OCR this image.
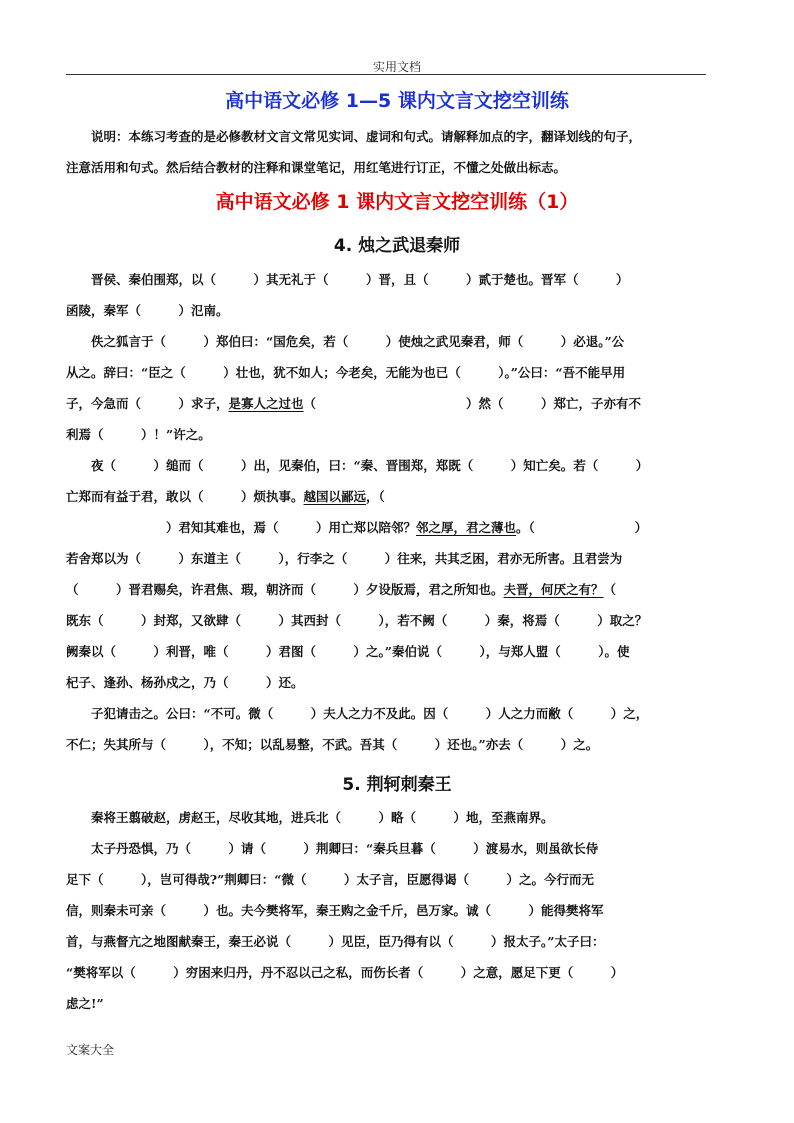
实用文档
高中语文必修 1—5 课内文言文挖空训练
说明：本练习考查的是必修教材文言文常见实词、虚词和句式。请解释加点的字，翻译划线的句子，
注意活用和句式。然后结合教材的注释和课堂笔记，用红笔进行订正，不懂之处做出标志。
高中语文必修 1 课内文言文挖空训练（1）
4. 烛之武退秦师
晋侯、秦伯围郑，以（　　　）其无礼于（　　　）晋，且（　　　）贰于楚也。晋军（　　　）
函陵，秦军（　　　）氾南。
佚之狐言于（　　　）郑伯曰：“国危矣，若（　　　）使烛之武见秦君，师（　　　）必退。”公
从之。辞曰：“臣之（　　　）壮也，犹不如人；今老矣，无能为也已（　　　）。”公曰：“吾不能早用
子，今急而（　　　）求子，是寡人之过也（　　　　　　　　　　　　）然（　　　）郑亡，子亦有不
利焉（　　　）！”许之。
夜（　　　）缒而（　　　）出，见秦伯，曰：“秦、晋围郑，郑既（　　　）知亡矣。若（　　　）
亡郑而有益于君，敢以（　　　）烦执事。越国以鄙远，（
　　　　　　　　）君知其难也，焉（　　　）用亡郑以陪邻？邻之厚，君之薄也。（　　　　　　　　）
若舍郑以为（　　　）东道主（　　　），行李之（　　　）往来，共其乏困，君亦无所害。且君尝为
（　　　）晋君赐矣，许君焦、瑕，朝济而（　　　）夕设版焉，君之所知也。夫晋，何厌之有？（
既东（　　　）封郑，又欲肆（　　　）其西封（　　　），若不阙（　　　）秦，将焉（　　　）取之？
阙秦以（　　　）利晋，唯（　　　）君图（　　　）之。”秦伯说（　　　），与郑人盟（　　　）。使
杞子、逢孙、杨孙戍之，乃（　　　）还。
子犯请击之。公曰：“不可。微（　　　）夫人之力不及此。因（　　　）人之力而敝（　　　）之，
不仁；失其所与（　　　），不知；以乱易整，不武。吾其（　　　）还也。”亦去（　　　）之。
5. 荆轲刺秦王
秦将王翦破赵，虏赵王，尽收其地，进兵北（　　　）略（　　　）地，至燕南界。
太子丹恐惧，乃（　　　）请（　　　）荆卿曰：“秦兵旦暮（　　　）渡易水，则虽欲长侍
足下（　　　），岂可得哉?”荆卿曰：“微（　　　）太子言，臣愿得谒（　　　）之。今行而无
信，则秦未可亲（　　　）也。夫今樊将军，秦王购之金千斤，邑万家。诚（　　　）能得樊将军
首，与燕督亢之地图献秦王，秦王必说（　　　）见臣，臣乃得有以（　　　）报太子。”太子曰：
“樊将军以（　　　）穷困来归丹，丹不忍以己之私，而伤长者（　　　）之意，愿足下更（　　　）
虑之!”
文案大全
